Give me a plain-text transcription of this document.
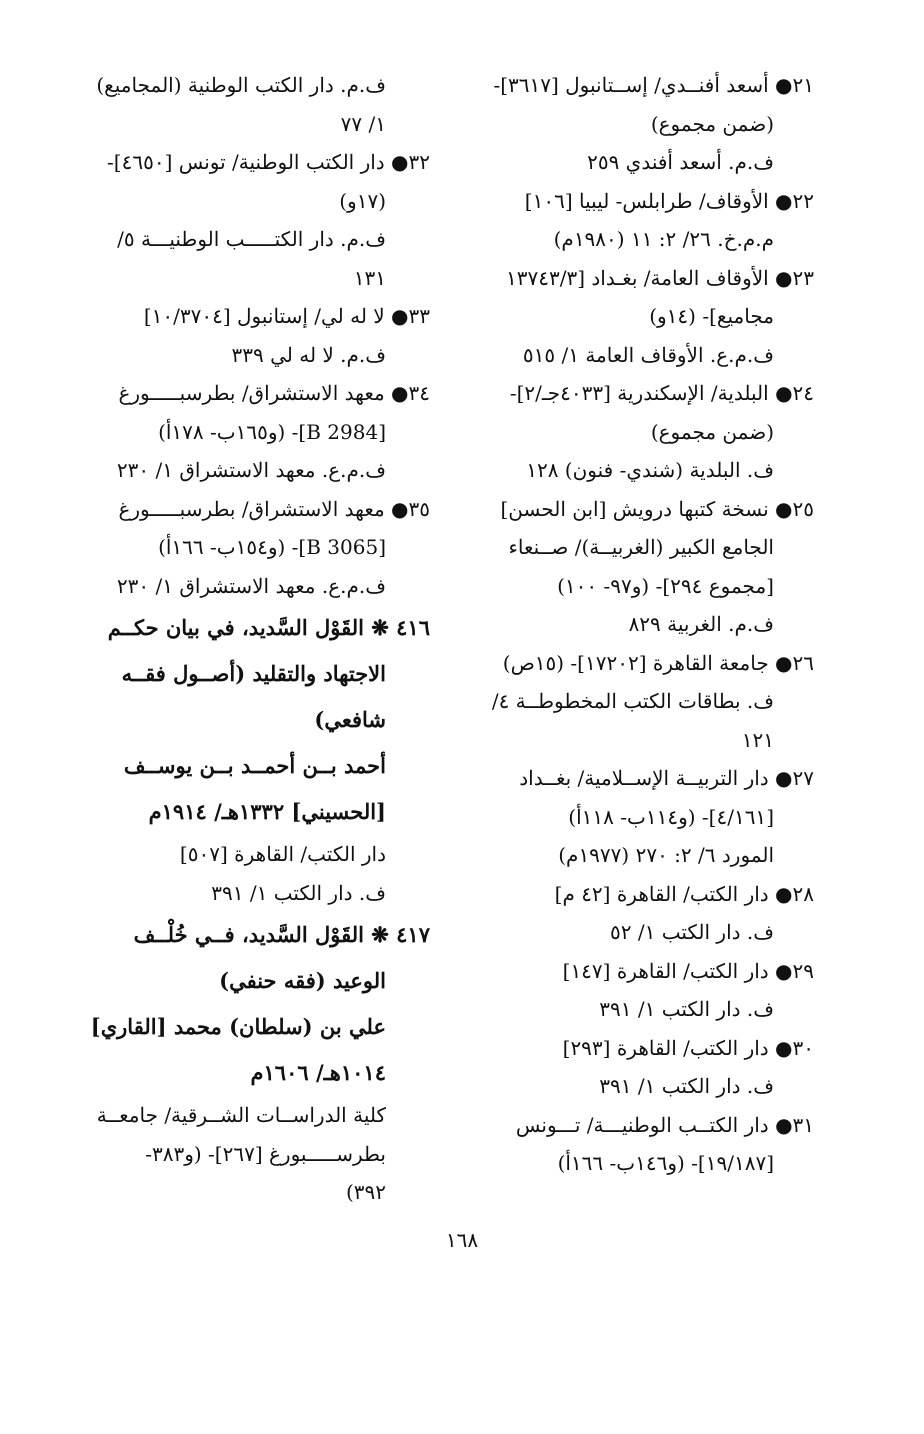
٢١● أسعد أفنــدي/ إســتانبول [٣٦١٧]-
(ضمن مجموع)
ف.م. أسعد أفندي ٢٥٩
٢٢● الأوقاف/ طرابلس- ليبيا [١٠٦]
م.م.خ. ٢٦/ ٢: ١١ (١٩٨٠م)
٢٣● الأوقاف العامة/ بغـداد [١٣٧٤٣/٣
مجاميع]- (١٤و)
ف.م.ع. الأوقاف العامة ١/ ٥١٥
٢٤● البلدية/ الإسكندرية [٤٠٣٣جـ/٢]-
(ضمن مجموع)
ف. البلدية (شندي- فنون) ١٢٨
٢٥● نسخة كتبها درويش [ابن الحسن]
الجامع الكبير (الغربيــة)/ صــنعاء
[مجموع ٢٩٤]- (و٩٧- ١٠٠)
ف.م. الغربية ٨٢٩
٢٦● جامعة القاهرة [١٧٢٠٢]- (١٥ص)
ف. بطاقات الكتب المخطوطــة ٤/
١٢١
٢٧● دار التربيــة الإســلامية/ بغــداد
[٤/١٦١]- (و١١٤ب- ١١٨أ)
المورد ٦/ ٢: ٢٧٠ (١٩٧٧م)
٢٨● دار الكتب/ القاهرة [٤٢ م]
ف. دار الكتب ١/ ٥٢
٢٩● دار الكتب/ القاهرة [١٤٧]
ف. دار الكتب ١/ ٣٩١
٣٠● دار الكتب/ القاهرة [٢٩٣]
ف. دار الكتب ١/ ٣٩١
٣١● دار الكتــب الوطنيـــة/ تـــونس
[١٩/١٨٧]- (و١٤٦ب- ١٦٦أ)
ف.م. دار الكتب الوطنية (المجاميع)
١/ ٧٧
٣٢● دار الكتب الوطنية/ تونس [٤٦٥٠]-
(١٧و)
ف.م. دار الكتـــــب الوطنيـــة ٥/
١٣١
٣٣● لا له لي/ إستانبول [١٠/٣٧٠٤]
ف.م. لا له لي ٣٣٩
٣٤● معهد الاستشراق/ بطرسبـــــورغ
[B 2984]- (و١٦٥ب- ١٧٨أ)
ف.م.ع. معهد الاستشراق ١/ ٢٣٠
٣٥● معهد الاستشراق/ بطرسبـــــورغ
[B 3065]- (و١٥٤ب- ١٦٦أ)
ف.م.ع. معهد الاستشراق ١/ ٢٣٠
٤١٦ ❋ القَوْل السَّديد، في بيان حكــم
الاجتهاد والتقليد (أصــول فقــه
شافعي)
أحمد بــن أحمــد بــن يوســف
[الحسيني] ١٣٣٢هـ/ ١٩١٤م
دار الكتب/ القاهرة [٥٠٧]
ف. دار الكتب ١/ ٣٩١
٤١٧ ❋ القَوْل السَّديد، فــي خُلْــف
الوعيد (فقه حنفي)
علي بن (سلطان) محمد [القاري]
١٠١٤هـ/ ١٦٠٦م
كلية الدراســات الشــرقية/ جامعــة
بطرســـــبورغ [٢٦٧]- (و٣٨٣-
٣٩٢)
١٦٨
